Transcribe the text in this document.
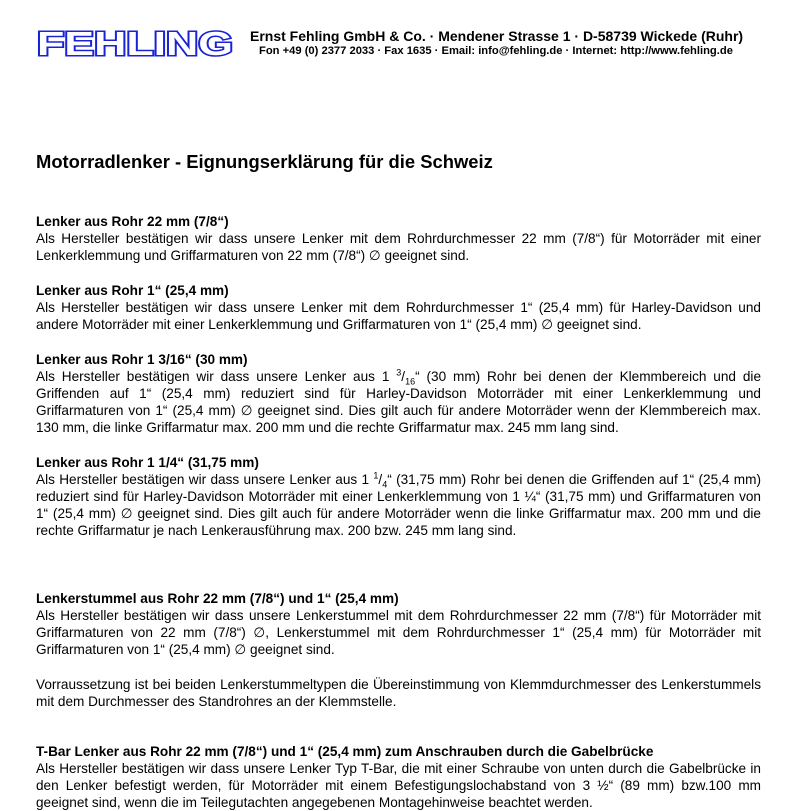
FEHLING Ernst Fehling GmbH & Co. · Mendener Strasse 1 · D-58739 Wickede (Ruhr)
Fon +49 (0) 2377 2033 · Fax 1635 · Email: info@fehling.de · Internet: http://www.fehling.de
Motorradlenker - Eignungserklärung für die Schweiz

Lenker aus Rohr 22 mm (7/8“)

Als Hersteller bestätigen wir dass unsere Lenker mit dem Rohrdurchmesser 22 mm (7/8“) für Motorräder mit einer Lenkerklemmung und Griffarmaturen von 22 mm (7/8“) ∅ geeignet sind.

Lenker aus Rohr 1“ (25,4 mm)

Als Hersteller bestätigen wir dass unsere Lenker mit dem Rohrdurchmesser 1“ (25,4 mm) für Harley-Davidson und andere Motorräder mit einer Lenkerklemmung und Griffarmaturen von 1“ (25,4 mm) ∅ geeignet sind.

Lenker aus Rohr 1 3/16“ (30 mm)

Als Hersteller bestätigen wir dass unsere Lenker aus 1 $^3/_{16}“$ (30 mm) Rohr bei denen der Klemmbereich und die Griffenden auf 1“ (25,4 mm) reduziert sind für Harley-Davidson Motorräder mit einer Lenkerklemmung und Griffarmaturen von 1“ (25,4 mm) ∅ geeignet sind. Dies gilt auch für andere Motorräder wenn der Klemmbereich max. 130 mm, die linke Griffarmatur max. 200 mm und die rechte Griffarmatur max. 245 mm lang sind.

Lenker aus Rohr 1 1/4“ (31,75 mm)

Als Hersteller bestätigen wir dass unsere Lenker aus 1 $^1/_4“$ (31,75 mm) Rohr bei denen die Griffenden auf 1“ (25,4 mm) reduziert sind für Harley-Davidson Motorräder mit einer Lenkerklemmung von 1 ¼“ (31,75 mm) und Griffarmaturen von 1“ (25,4 mm) ∅ geeignet sind. Dies gilt auch für andere Motorräder wenn die linke Griffarmatur max. 200 mm und die rechte Griffarmatur je nach Lenkerausführung max. 200 bzw. 245 mm lang sind.

Lenkerstummel aus Rohr 22 mm (7/8“) und 1“ (25,4 mm)

Als Hersteller bestätigen wir dass unsere Lenkerstummel mit dem Rohrdurchmesser 22 mm (7/8“) für Motorräder mit Griffarmaturen von 22 mm (7/8“) ∅, Lenkerstummel mit dem Rohrdurchmesser 1“ (25,4 mm) für Motorräder mit Griffarmaturen von 1“ (25,4 mm) ∅ geeignet sind.

Vorraussetzung ist bei beiden Lenkerstummeltypen die Übereinstimmung von Klemmdurchmesser des Lenkerstummels mit dem Durchmesser des Standrohres an der Klemmstelle.

T-Bar Lenker aus Rohr 22 mm (7/8“) und 1“ (25,4 mm) zum Anschrauben durch die Gabelbrücke

Als Hersteller bestätigen wir dass unsere Lenker Typ T-Bar, die mit einer Schraube von unten durch die Gabelbrücke in den Lenker befestigt werden, für Motorräder mit einem Befestigungslochabstand von 3 ½“ (89 mm) bzw.100 mm geeignet sind, wenn die im Teilegutachten angegebenen Montagehinweise beachtet werden.
